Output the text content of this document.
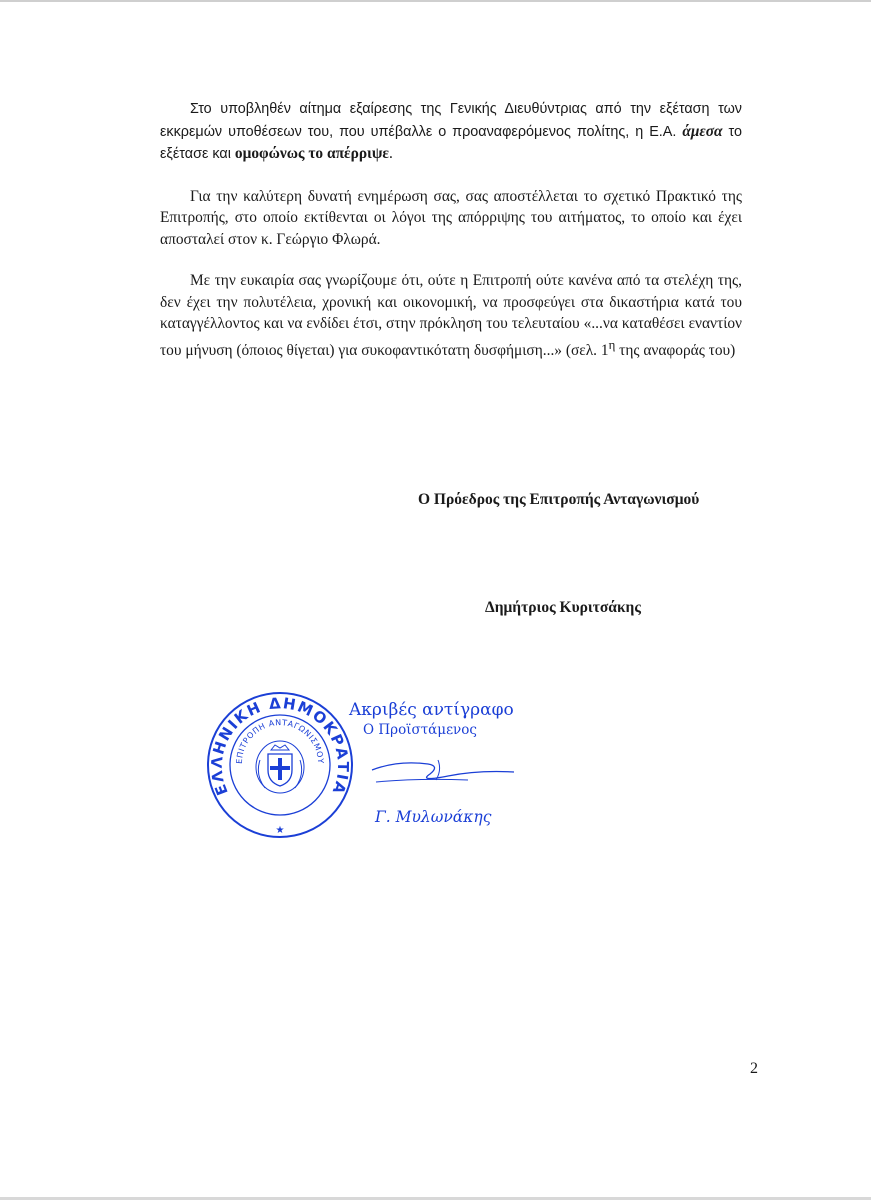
Στο υποβληθέν αίτημα εξαίρεσης της Γενικής Διευθύντριας από την εξέταση των εκκρεμών υποθέσεων του, που υπέβαλλε ο προαναφερόμενος πολίτης, η Ε.Α. άμεσα το εξέτασε και ομοφώνως το απέρριψε.

Για την καλύτερη δυνατή ενημέρωση σας, σας αποστέλλεται το σχετικό Πρακτικό της Επιτροπής, στο οποίο εκτίθενται οι λόγοι της απόρριψης του αιτήματος, το οποίο και έχει αποσταλεί στον κ. Γεώργιο Φλωρά.

Με την ευκαιρία σας γνωρίζουμε ότι, ούτε η Επιτροπή ούτε κανένα από τα στελέχη της, δεν έχει την πολυτέλεια, χρονική και οικονομική, να προσφεύγει στα δικαστήρια κατά του καταγγέλλοντος και να ενδίδει έτσι, στην πρόκληση του τελευταίου «...να καταθέσει εναντίον του μήνυση (όποιος θίγεται) για συκοφαντικότατη δυσφήμιση...» (σελ. $1^\eta$ της αναφοράς του)

Ο Πρόεδρος της Επιτροπής Ανταγωνισμού
Δημήτριος Κυριτσάκης
ΕΛΛΗΝΙΚΗ ΔΗΜΟΚΡΑΤΙΑ
ΕΠΙΤΡΟΠΗ ΑΝΤΑΓΩΝΙΣΜΟΥ
★
Ακριβές αντίγραφο
Ο Προϊστάμενος
Γ. Μυλωνάκης
2
